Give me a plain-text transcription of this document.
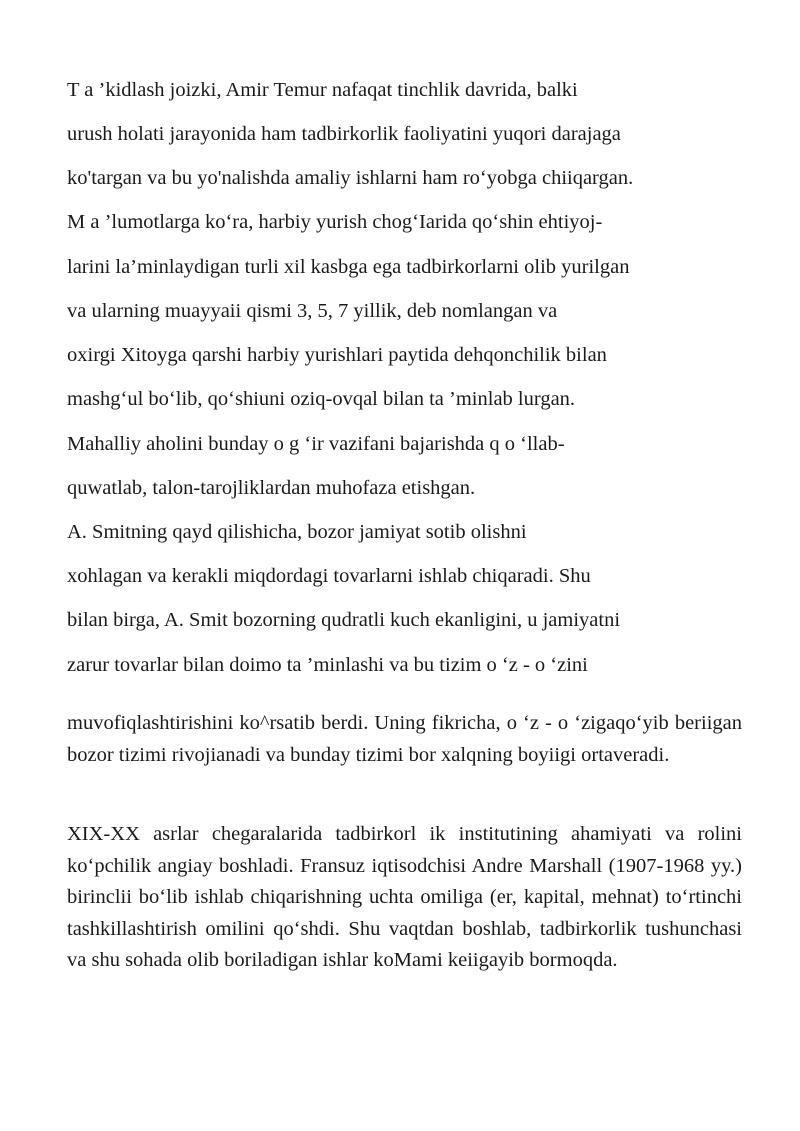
T a ’kidlash joizki, Amir Temur nafaqat tinchlik davrida, balki
urush holati jarayonida ham tadbirkorlik faoliyatini yuqori darajaga
ko'targan va bu yo'nalishda amaliy ishlarni ham ro‘yobga chiiqargan.
M a ’lumotlarga ko‘ra, harbiy yurish chog‘Iarida qo‘shin ehtiyoj-
larini la’minlaydigan turli xil kasbga ega tadbirkorlarni olib yurilgan
va ularning muayyaii qismi 3, 5, 7 yillik, deb nomlangan va
oxirgi Xitoyga qarshi harbiy yurishlari paytida dehqonchilik bilan
mashg‘ul bo‘lib, qo‘shiuni oziq-ovqal bilan ta ’minlab lurgan.
Mahalliy aholini bunday o g ‘ir vazifani bajarishda q o ‘llab-
quwatlab, talon-tarojliklardan muhofaza etishgan.
A. Smitning qayd qilishicha, bozor jamiyat sotib olishni
xohlagan va kerakli miqdordagi tovarlarni ishlab chiqaradi. Shu
bilan birga, A. Smit bozorning qudratli kuch ekanligini, u jamiyatni
zarur tovarlar bilan doimo ta ’minlashi va bu tizim o ‘z - o ‘zini

muvofiqlashtirishini ko^rsatib berdi. Uning fikricha, o ‘z - o ‘zigaqo‘yib beriigan bozor tizimi rivojianadi va bunday tizimi bor xalqning boyiigi ortaveradi.

XIX-XX asrlar chegaralarida tadbirkorl ik institutining ahamiyati va rolini ko‘pchilik angiay boshladi. Fransuz iqtisodchisi Andre Marshall (1907-1968 yy.) birinclii bo‘lib ishlab chiqarishning uchta omiliga (er, kapital, mehnat) to‘rtinchi tashkillashtirish omilini qo‘shdi. Shu vaqtdan boshlab, tadbirkorlik tushunchasi va shu sohada olib boriladigan ishlar koMami keiigayib bormoqda.
